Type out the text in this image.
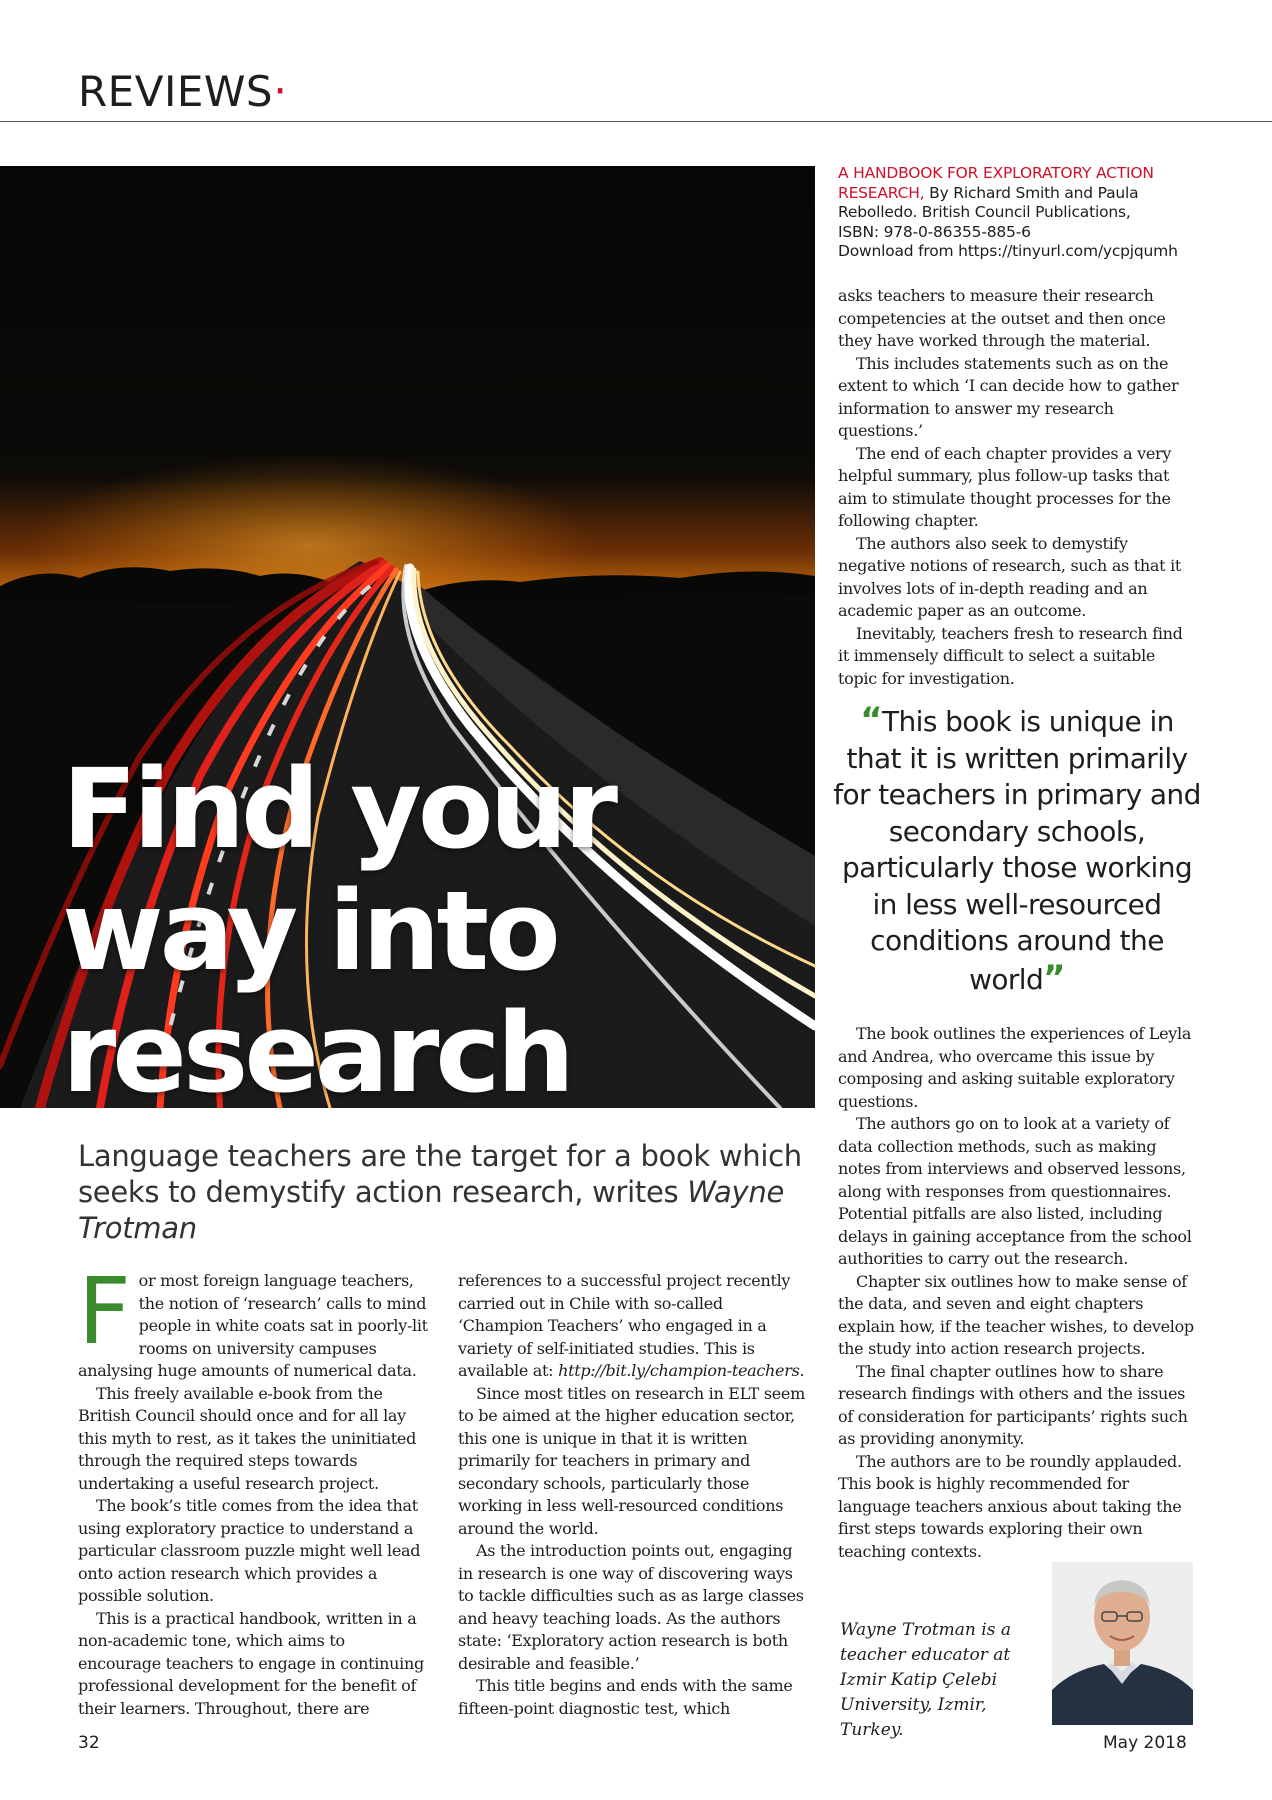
REVIEWS·
Find your
way into
research
Language teachers are the target for a book which seeks to demystify action research, writes Wayne Trotman

For most foreign language teachers, the notion of ‘research’ calls to mind people in white coats sat in poorly-lit rooms on university campuses analysing huge amounts of numerical data.

This freely available e-book from the British Council should once and for all lay this myth to rest, as it takes the uninitiated through the required steps towards undertaking a useful research project.

The book’s title comes from the idea that using exploratory practice to understand a particular classroom puzzle might well lead onto action research which provides a possible solution.

This is a practical handbook, written in a non-academic tone, which aims to encourage teachers to engage in continuing professional development for the benefit of their learners. Throughout, there are

references to a successful project recently carried out in Chile with so-called ‘Champion Teachers’ who engaged in a variety of self-initiated studies. This is available at: http://bit.ly/champion-teachers.

Since most titles on research in ELT seem to be aimed at the higher education sector, this one is unique in that it is written primarily for teachers in primary and secondary schools, particularly those working in less well-resourced conditions around the world.

As the introduction points out, engaging in research is one way of discovering ways to tackle difficulties such as as large classes and heavy teaching loads. As the authors state: ‘Exploratory action research is both desirable and feasible.’

This title begins and ends with the same fifteen-point diagnostic test, which

A HANDBOOK FOR EXPLORATORY ACTION RESEARCH, By Richard Smith and Paula Rebolledo. British Council Publications,
ISBN: 978-0-86355-885-6
Download from https://tinyurl.com/ycpjqumh

asks teachers to measure their research competencies at the outset and then once they have worked through the material.

This includes statements such as on the extent to which ‘I can decide how to gather information to answer my research questions.’

The end of each chapter provides a very helpful summary, plus follow-up tasks that aim to stimulate thought processes for the following chapter.

The authors also seek to demystify negative notions of research, such as that it involves lots of in-depth reading and an academic paper as an outcome.

Inevitably, teachers fresh to research find it immensely difficult to select a suitable topic for investigation.

“This book is unique in that it is written primarily for teachers in primary and secondary schools, particularly those working in less well-resourced conditions around the world”

The book outlines the experiences of Leyla and Andrea, who overcame this issue by composing and asking suitable exploratory questions.

The authors go on to look at a variety of data collection methods, such as making notes from interviews and observed lessons, along with responses from questionnaires. Potential pitfalls are also listed, including delays in gaining acceptance from the school authorities to carry out the research.

Chapter six outlines how to make sense of the data, and seven and eight chapters explain how, if the teacher wishes, to develop the study into action research projects.

The final chapter outlines how to share research findings with others and the issues of consideration for participants’ rights such as providing anonymity.

The authors are to be roundly applauded. This book is highly recommended for language teachers anxious about taking the first steps towards exploring their own teaching contexts.

Wayne Trotman is a teacher educator at Izmir Katip Çelebi University, Izmir, Turkey.
32	May 2018
